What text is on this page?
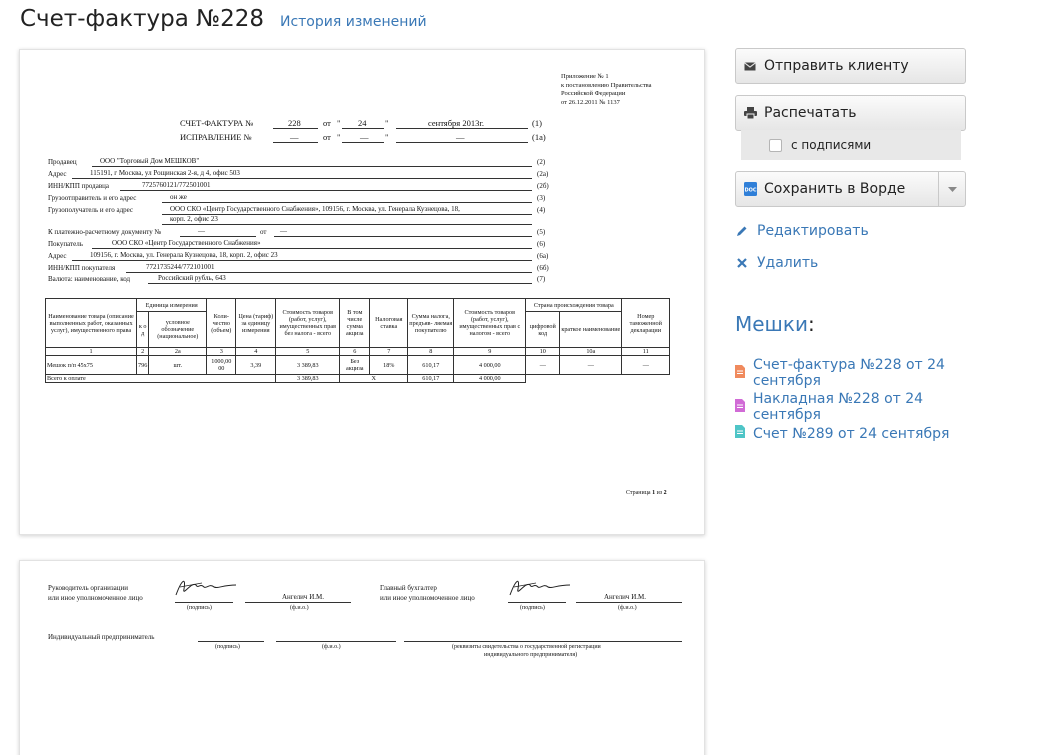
Счет-фактура №228 История изменений
Приложение № 1
к постановлению Правительства
Российской Федерации
от 26.12.2011 № 1137
СЧЕТ-ФАКТУРА №	228	от " 24 "	сентября 2013г.	(1)
ИСПРАВЛЕНИЕ №	—	от " — "	—	(1а)
Продавец	ООО "Торговый Дом МЕШКОВ"	(2)
Адрес	115191, г Москва, ул Рощинская 2-я, д 4, офис 503	(2а)
ИНН/КПП продавца	7725760121/772501001	(2б)
Грузоотправитель и его адрес	он же	(3)
Грузополучатель и его адрес	ООО СКО «Центр Государственного Снабжения», 109156, г. Москва, ул. Генерала Кузнецова, 18,
корп. 2, офис 23
(4)
К платежно-расчетному документу №	—	от —	(5)
Покупатель	ООО СКО «Центр Государственного Снабжения»	(6)
Адрес	109156, г. Москва, ул. Генерала Кузнецова, 18, корп. 2, офис 23	(6а)
ИНН/КПП покупателя	7721735244/772101001	(6б)
Валюта: наименование, код	Российский рубль, 643	(7)
Наименование товара (описание выполненных работ, оказанных услуг), имущественного права	Единица измерения		Коли- чество (объем)	Цена (тариф) за единицу измерения	Стоимость товаров (работ, услуг), имущественных прав без налога - всего	В том числе сумма акциза	Налоговая ставка	Сумма налога, предъяв- ляемая покупателю	Стоимость товаров (работ, услуг), имущественных прав с налогом - всего	Страна происхождения товара		Номер таможенной декларации
	к о д	условное обозначение (национальное)								цифровой код	краткое наименование	
1	2	2а	3	4	5	6	7	8	9	10	10а	11
Мешок п/п 45х75	796	шт.	1000,00 00	3,39	3 389,83	Без акциза	18%	610,17	4 000,00	—	—	—
Всего к оплате					3 389,83	X		610,17	4 000,00			
Страница 1 из 2
Руководитель организации
или иное уполномоченное лицо
(подпись)
Ангелич И.М.
(ф.и.о.)
Главный бухгалтер
или иное уполномоченное лицо
(подпись)
Ангелич И.М.
(ф.и.о.)
Индивидуальный предприниматель
(подпись)	(ф.и.о.)	(реквизиты свидетельства о государственной регистрации
индивидуального предпринимателя)
Отправить клиенту
Распечатать
с подписями
DOC Сохранить в Ворде
Редактировать
Удалить
Мешки:
Счет-фактура №228 от 24 сентября
Накладная №228 от 24 сентября
Счет №289 от 24 сентября
